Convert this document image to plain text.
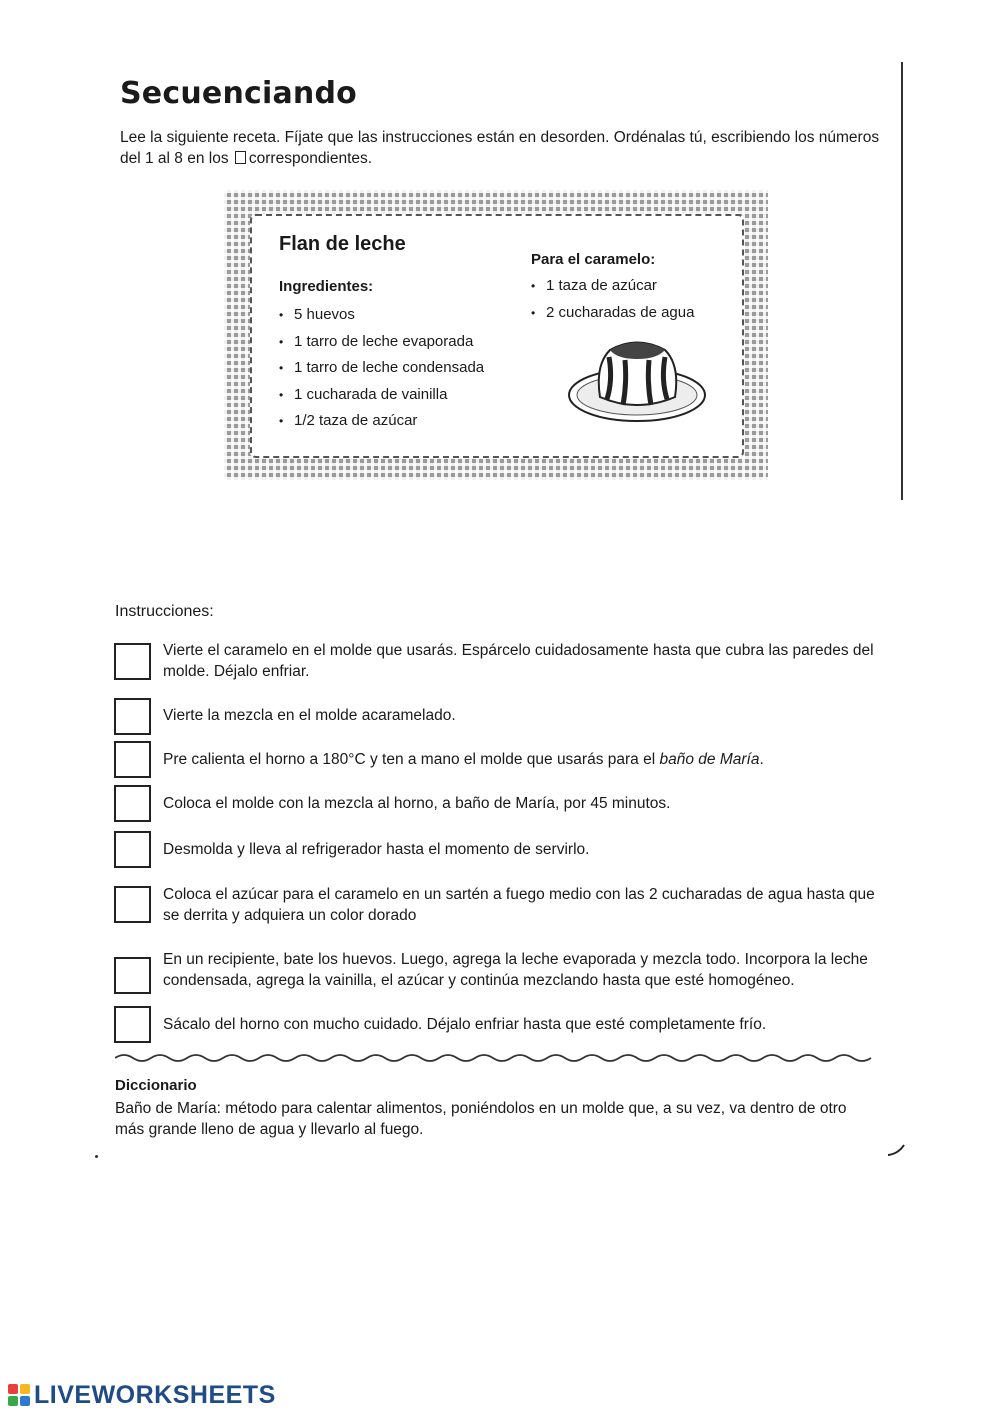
Secuenciando
Lee la siguiente receta. Fíjate que las instrucciones están en desorden. Ordénalas tú, escribiendo los números del 1 al 8 en los correspondientes.
Flan de leche
Ingredientes:
• 5 huevos
• 1 tarro de leche evaporada
• 1 tarro de leche condensada
• 1 cucharada de vainilla
• 1/2 taza de azúcar
Para el caramelo:
• 1 taza de azúcar
• 2 cucharadas de agua
Instrucciones:
Vierte el caramelo en el molde que usarás. Espárcelo cuidadosamente hasta que cubra las paredes del molde. Déjalo enfriar.
Vierte la mezcla en el molde acaramelado.
Pre calienta el horno a 180°C y ten a mano el molde que usarás para el baño de María.
Coloca el molde con la mezcla al horno, a baño de María, por 45 minutos.
Desmolda y lleva al refrigerador hasta el momento de servirlo.
Coloca el azúcar para el caramelo en un sartén a fuego medio con las 2 cucharadas de agua hasta que se derrita y adquiera un color dorado
En un recipiente, bate los huevos. Luego, agrega la leche evaporada y mezcla todo. Incorpora la leche condensada, agrega la vainilla, el azúcar y continúa mezclando hasta que esté homogéneo.
Sácalo del horno con mucho cuidado. Déjalo enfriar hasta que esté completamente frío.
Diccionario
Baño de María: método para calentar alimentos, poniéndolos en un molde que, a su vez, va dentro de otro más grande lleno de agua y llevarlo al fuego.
LIVEWORKSHEETS
